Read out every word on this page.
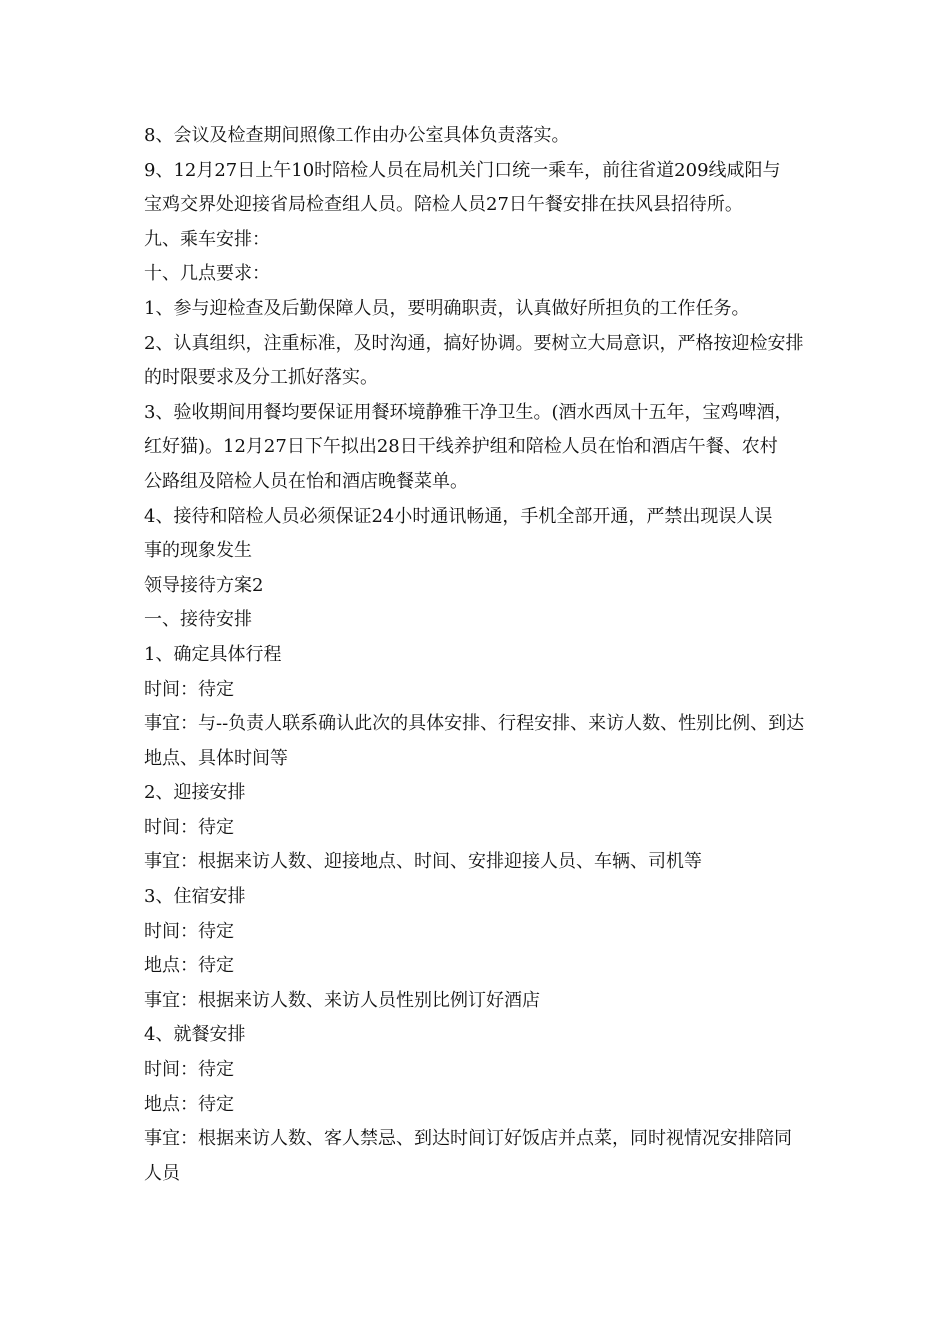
8、会议及检查期间照像工作由办公室具体负责落实。
9、12月27日上午10时陪检人员在局机关门口统一乘车，前往省道209线咸阳与
宝鸡交界处迎接省局检查组人员。陪检人员27日午餐安排在扶风县招待所。
九、乘车安排：
十、几点要求：
1、参与迎检查及后勤保障人员，要明确职责，认真做好所担负的工作任务。
2、认真组织，注重标准，及时沟通，搞好协调。要树立大局意识，严格按迎检安排
的时限要求及分工抓好落实。
3、验收期间用餐均要保证用餐环境静雅干净卫生。(酒水西凤十五年，宝鸡啤酒，
红好猫)。12月27日下午拟出28日干线养护组和陪检人员在怡和酒店午餐、农村
公路组及陪检人员在怡和酒店晚餐菜单。
4、接待和陪检人员必须保证24小时通讯畅通，手机全部开通，严禁出现误人误
事的现象发生
领导接待方案2
一、接待安排
1、确定具体行程
时间：待定
事宜：与--负责人联系确认此次的具体安排、行程安排、来访人数、性别比例、到达
地点、具体时间等
2、迎接安排
时间：待定
事宜：根据来访人数、迎接地点、时间、安排迎接人员、车辆、司机等
3、住宿安排
时间：待定
地点：待定
事宜：根据来访人数、来访人员性别比例订好酒店
4、就餐安排
时间：待定
地点：待定
事宜：根据来访人数、客人禁忌、到达时间订好饭店并点菜，同时视情况安排陪同
人员
